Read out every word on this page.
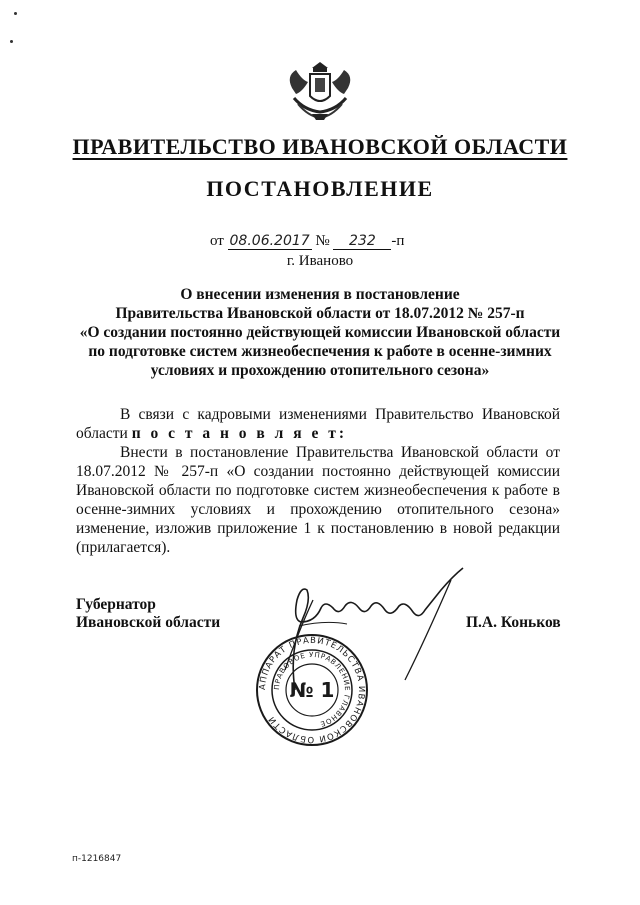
ПРАВИТЕЛЬСТВО ИВАНОВСКОЙ ОБЛАСТИ
ПОСТАНОВЛЕНИЕ
от 08.06.2017 № 232 -п
г. Иваново
О внесении изменения в постановление
Правительства Ивановской области от 18.07.2012 № 257-п
«О создании постоянно действующей комиссии Ивановской области
по подготовке систем жизнеобеспечения к работе в осенне-зимних
условиях и прохождению отопительного сезона»
В связи с кадровыми изменениями Правительство Ивановской области п о с т а н о в л я е т:
Внести в постановление Правительства Ивановской области от 18.07.2012 № 257-п «О создании постоянно действующей комиссии Ивановской области по подготовке систем жизнеобеспечения к работе в осенне-зимних условиях и прохождению отопительного сезона» изменение, изложив приложение 1 к постановлению в новой редакции (прилагается).
Губернатор
Ивановской области	П.А. Коньков
АППАРАТ ПРАВИТЕЛЬСТВА ИВАНОВСКОЙ ОБЛАСТИ
ПРАВОВОЕ УПРАВЛЕНИЕ ГЛАВНОЕ
№ 1
п-1216847
